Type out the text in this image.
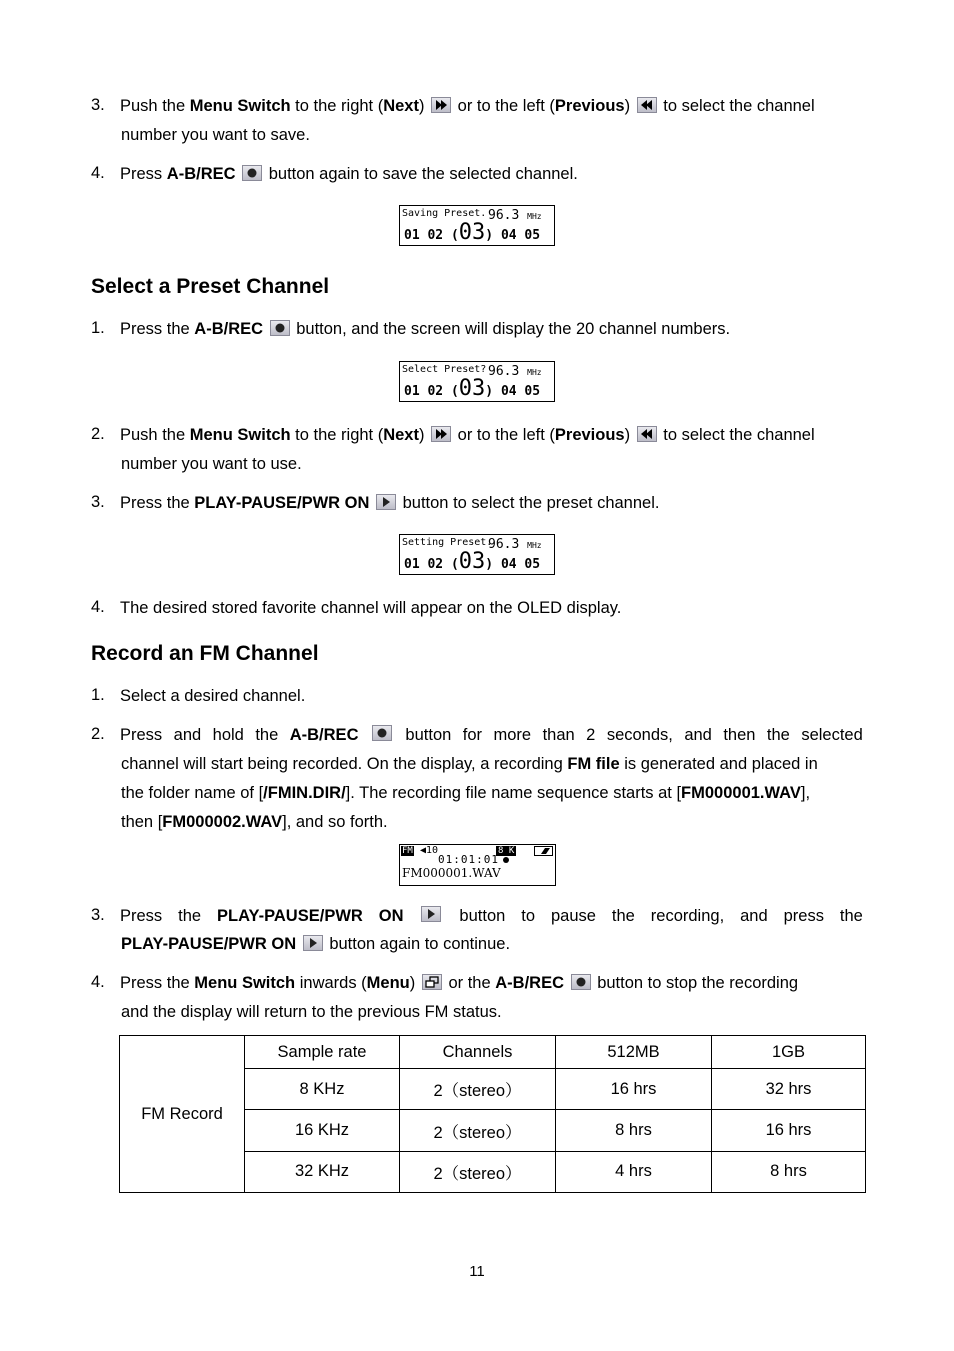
3. Push the Menu Switch to the right (Next) or to the left (Previous) to select the channel
number you want to save.
4. Press A-B/REC button again to save the selected channel.
Saving Preset. 96.3 MHz
01 02 (03) 04 05
Select a Preset Channel
1. Press the A-B/REC button, and the screen will display the 20 channel numbers.
Select Preset? 96.3 MHz
01 02 (03) 04 05
2. Push the Menu Switch to the right (Next) or to the left (Previous) to select the channel
number you want to use.
3. Press the PLAY-PAUSE/PWR ON button to select the preset channel.
Setting Preset.
96.3 MHz
01 02 (03) 04 05
4. The desired stored favorite channel will appear on the OLED display.
Record an FM Channel
1. Select a desired channel.
2. Press and hold the A-B/REC	button for more than 2 seconds, and then the selected
channel will start being recorded. On the display, a recording FM file is generated and placed in
the folder name of [/FMIN.DIR/]. The recording file name sequence starts at [FM000001.WAV],
then [FM000002.WAV], and so forth.
FM ◀10	8 K
01:01:01
FM000001.WAV
3. Press the PLAY-PAUSE/PWR ON	button to pause the recording, and press the
PLAY-PAUSE/PWR ON button again to continue.
4. Press the Menu Switch inwards (Menu) or the A-B/REC button to stop the recording
and the display will return to the previous FM status.
FM Record	Sample rate	Channels	512MB	1GB
	8 KHz	2（stereo）	16 hrs	32 hrs
	16 KHz	2（stereo）	8 hrs	16 hrs
	32 KHz	2（stereo）	4 hrs	8 hrs
11
